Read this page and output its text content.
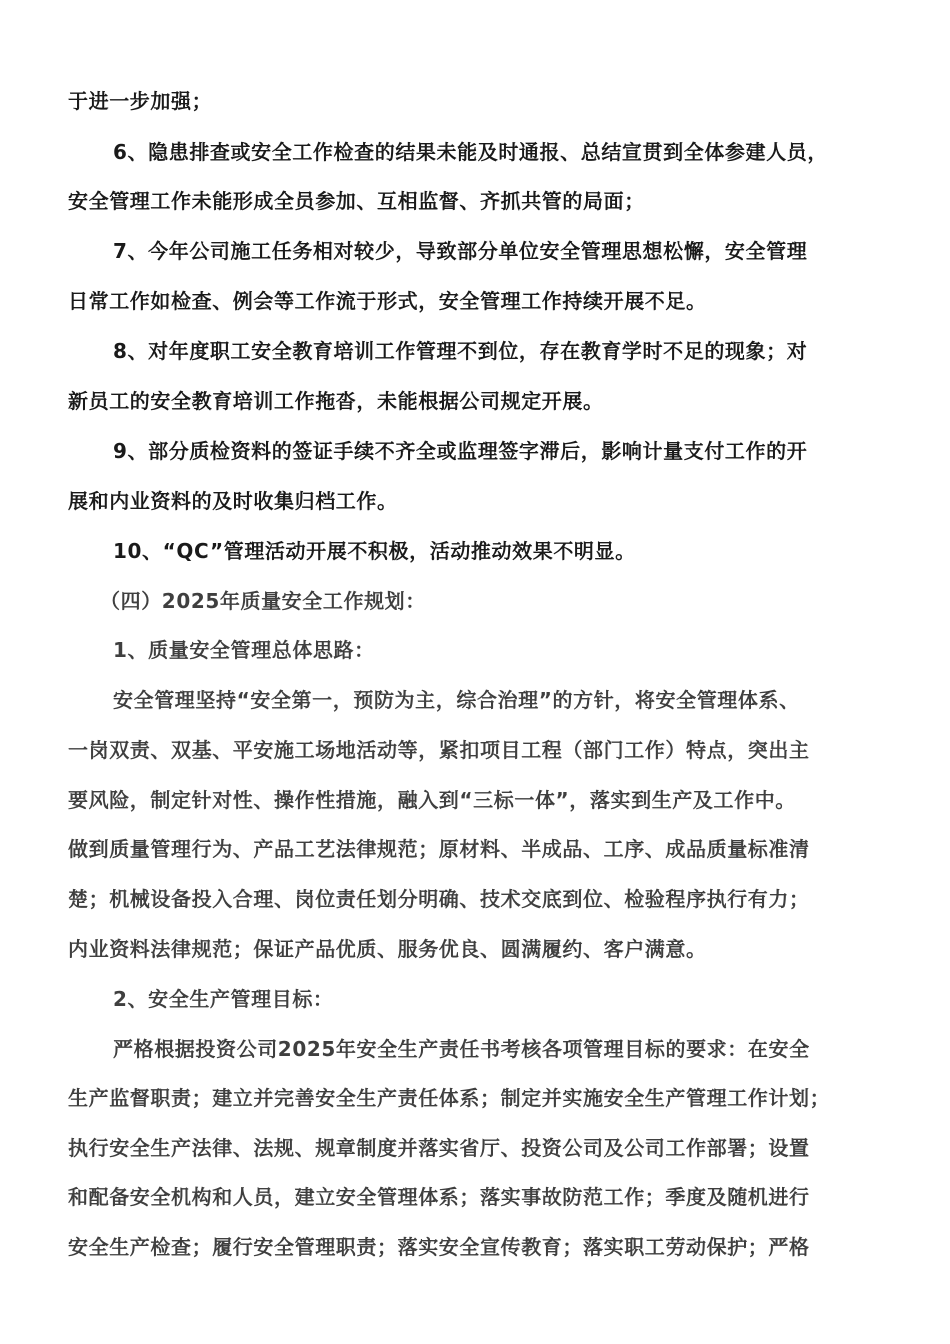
于进一步加强；
6、隐患排查或安全工作检查的结果未能及时通报、总结宣贯到全体参建人员，
安全管理工作未能形成全员参加、互相监督、齐抓共管的局面；
7、今年公司施工任务相对较少，导致部分单位安全管理思想松懈，安全管理
日常工作如检查、例会等工作流于形式，安全管理工作持续开展不足。
8、对年度职工安全教育培训工作管理不到位，存在教育学时不足的现象；对
新员工的安全教育培训工作拖沓，未能根据公司规定开展。
9、部分质检资料的签证手续不齐全或监理签字滞后，影响计量支付工作的开
展和内业资料的及时收集归档工作。
10、“QC”管理活动开展不积极，活动推动效果不明显。
（四）2025年质量安全工作规划：
1、质量安全管理总体思路：
安全管理坚持“安全第一，预防为主，综合治理”的方针，将安全管理体系、
一岗双责、双基、平安施工场地活动等，紧扣项目工程（部门工作）特点，突出主
要风险，制定针对性、操作性措施，融入到“三标一体”，落实到生产及工作中。
做到质量管理行为、产品工艺法律规范；原材料、半成品、工序、成品质量标准清
楚；机械设备投入合理、岗位责任划分明确、技术交底到位、检验程序执行有力；
内业资料法律规范；保证产品优质、服务优良、圆满履约、客户满意。
2、安全生产管理目标：
严格根据投资公司2025年安全生产责任书考核各项管理目标的要求：在安全
生产监督职责；建立并完善安全生产责任体系；制定并实施安全生产管理工作计划；
执行安全生产法律、法规、规章制度并落实省厅、投资公司及公司工作部署；设置
和配备安全机构和人员，建立安全管理体系；落实事故防范工作；季度及随机进行
安全生产检查；履行安全管理职责；落实安全宣传教育；落实职工劳动保护；严格
